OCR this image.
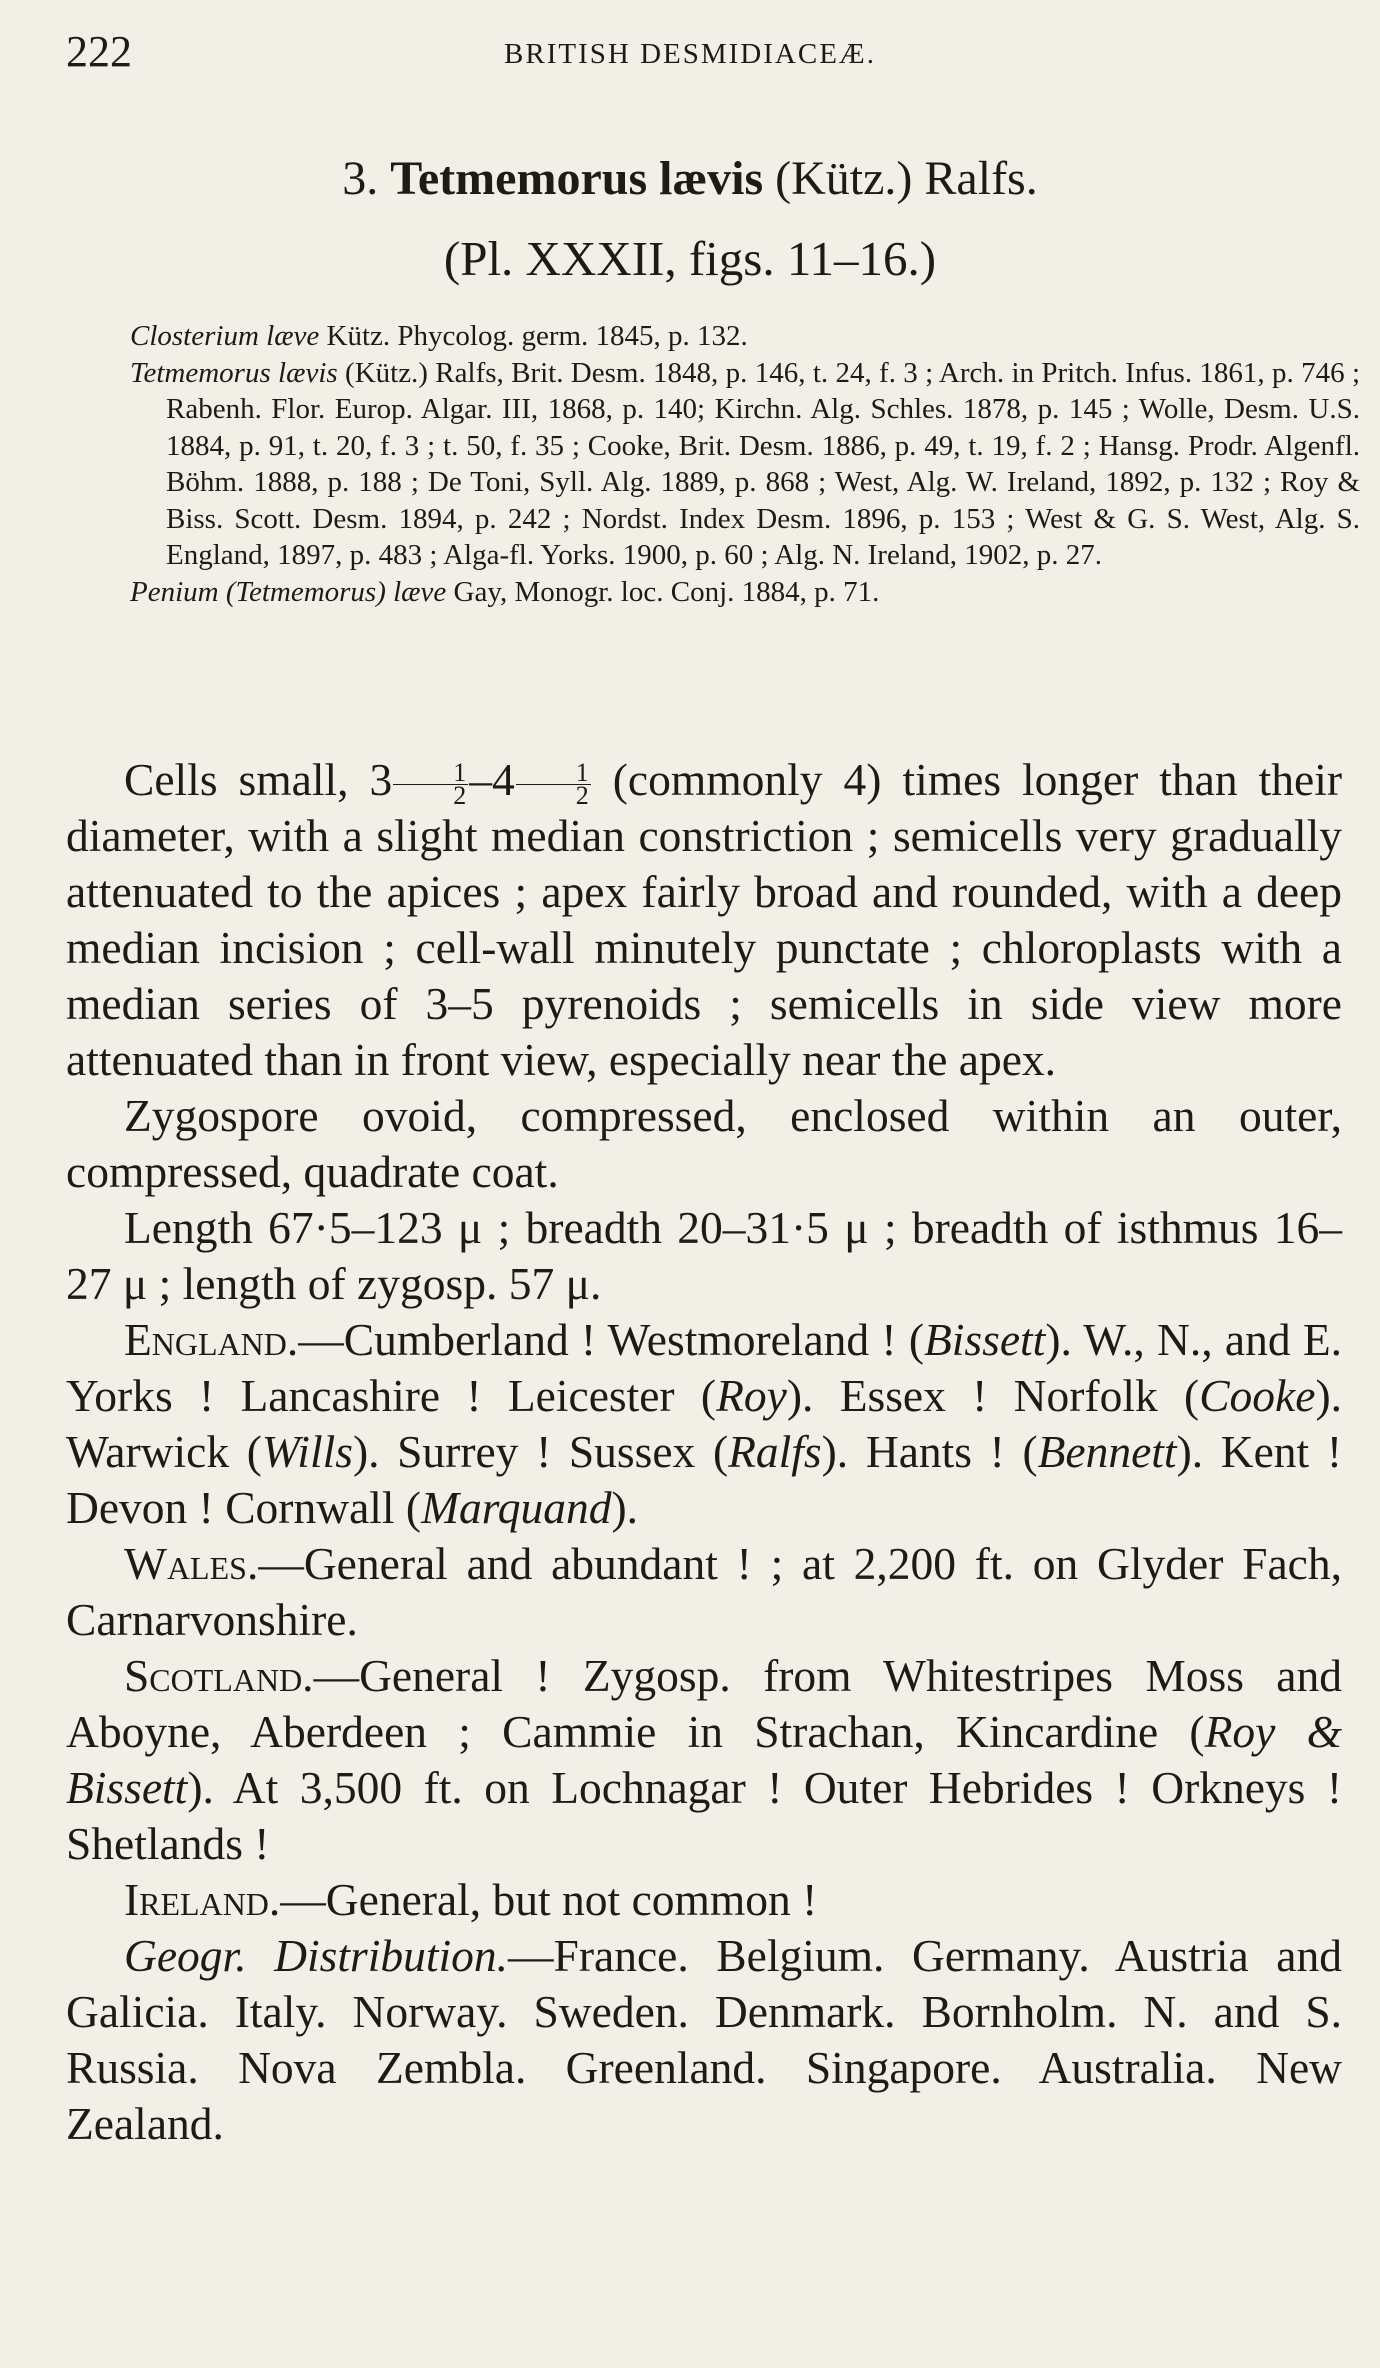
222	BRITISH DESMIDIACEÆ.
3. Tetmemorus lævis (Kütz.) Ralfs.
(Pl. XXXII, figs. 11–16.)

Closterium læve Kütz. Phycolog. germ. 1845, p. 132.

Tetmemorus lævis (Kütz.) Ralfs, Brit. Desm. 1848, p. 146, t. 24, f. 3 ; Arch. in Pritch. Infus. 1861, p. 746 ; Rabenh. Flor. Europ. Algar. III, 1868, p. 140; Kirchn. Alg. Schles. 1878, p. 145 ; Wolle, Desm. U.S. 1884, p. 91, t. 20, f. 3 ; t. 50, f. 35 ; Cooke, Brit. Desm. 1886, p. 49, t. 19, f. 2 ; Hansg. Prodr. Algenfl. Böhm. 1888, p. 188 ; De Toni, Syll. Alg. 1889, p. 868 ; West, Alg. W. Ireland, 1892, p. 132 ; Roy & Biss. Scott. Desm. 1894, p. 242 ; Nordst. Index Desm. 1896, p. 153 ; West & G. S. West, Alg. S. England, 1897, p. 483 ; Alga-fl. Yorks. 1900, p. 60 ; Alg. N. Ireland, 1902, p. 27.

Penium (Tetmemorus) læve Gay, Monogr. loc. Conj. 1884, p. 71.

Cells small, $3 \frac{1}{2} -4 \frac{1}{2}$ (commonly 4) times longer than their diameter, with a slight median constriction ; semicells very gradually attenuated to the apices ; apex fairly broad and rounded, with a deep median incision ; cell-wall minutely punctate ; chloroplasts with a median series of 3–5 pyrenoids ; semicells in side view more attenuated than in front view, especially near the apex.

Zygospore ovoid, compressed, enclosed within an outer, compressed, quadrate coat.

Length 67·5–123 μ ; breadth 20–31·5 μ ; breadth of isthmus 16–27 μ ; length of zygosp. 57 μ.

England.—Cumberland ! Westmoreland ! (Bissett). W., N., and E. Yorks ! Lancashire ! Leicester (Roy). Essex ! Norfolk (Cooke). Warwick (Wills). Surrey ! Sussex (Ralfs). Hants ! (Bennett). Kent ! Devon ! Cornwall (Marquand).

Wales.—General and abundant ! ; at 2,200 ft. on Glyder Fach, Carnarvonshire.

Scotland.—General ! Zygosp. from Whitestripes Moss and Aboyne, Aberdeen ; Cammie in Strachan, Kincardine (Roy & Bissett). At 3,500 ft. on Lochnagar ! Outer Hebrides ! Orkneys ! Shetlands !

Ireland.—General, but not common !

Geogr. Distribution.—France. Belgium. Germany. Austria and Galicia. Italy. Norway. Sweden. Denmark. Bornholm. N. and S. Russia. Nova Zembla. Greenland. Singapore. Australia. New Zealand.
